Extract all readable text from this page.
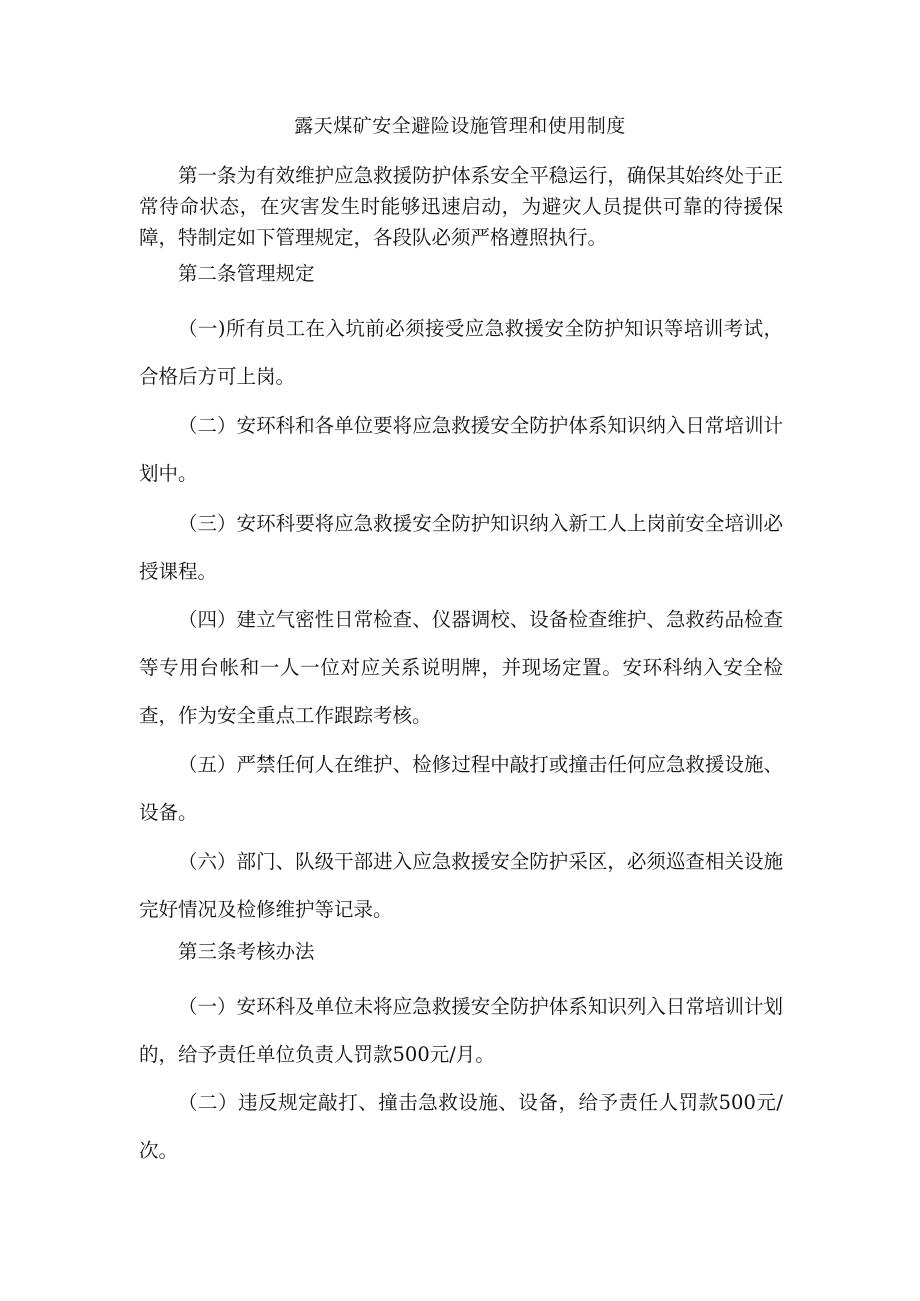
露天煤矿安全避险设施管理和使用制度

第一条为有效维护应急救援防护体系安全平稳运行，确保其始终处于正常待命状态，在灾害发生时能够迅速启动，为避灾人员提供可靠的待援保障，特制定如下管理规定，各段队必须严格遵照执行。

第二条管理规定

（一)所有员工在入坑前必须接受应急救援安全防护知识等培训考试，合格后方可上岗。

（二）安环科和各单位要将应急救援安全防护体系知识纳入日常培训计划中。

（三）安环科要将应急救援安全防护知识纳入新工人上岗前安全培训必授课程。

（四）建立气密性日常检查、仪器调校、设备检查维护、急救药品检查等专用台帐和一人一位对应关系说明牌，并现场定置。安环科纳入安全检查，作为安全重点工作跟踪考核。

（五）严禁任何人在维护、检修过程中敲打或撞击任何应急救援设施、设备。

（六）部门、队级干部进入应急救援安全防护采区，必须巡查相关设施完好情况及检修维护等记录。

第三条考核办法

（一）安环科及单位未将应急救援安全防护体系知识列入日常培训计划的，给予责任单位负责人罚款500元/月。

（二）违反规定敲打、撞击急救设施、设备，给予责任人罚款500元/次。
